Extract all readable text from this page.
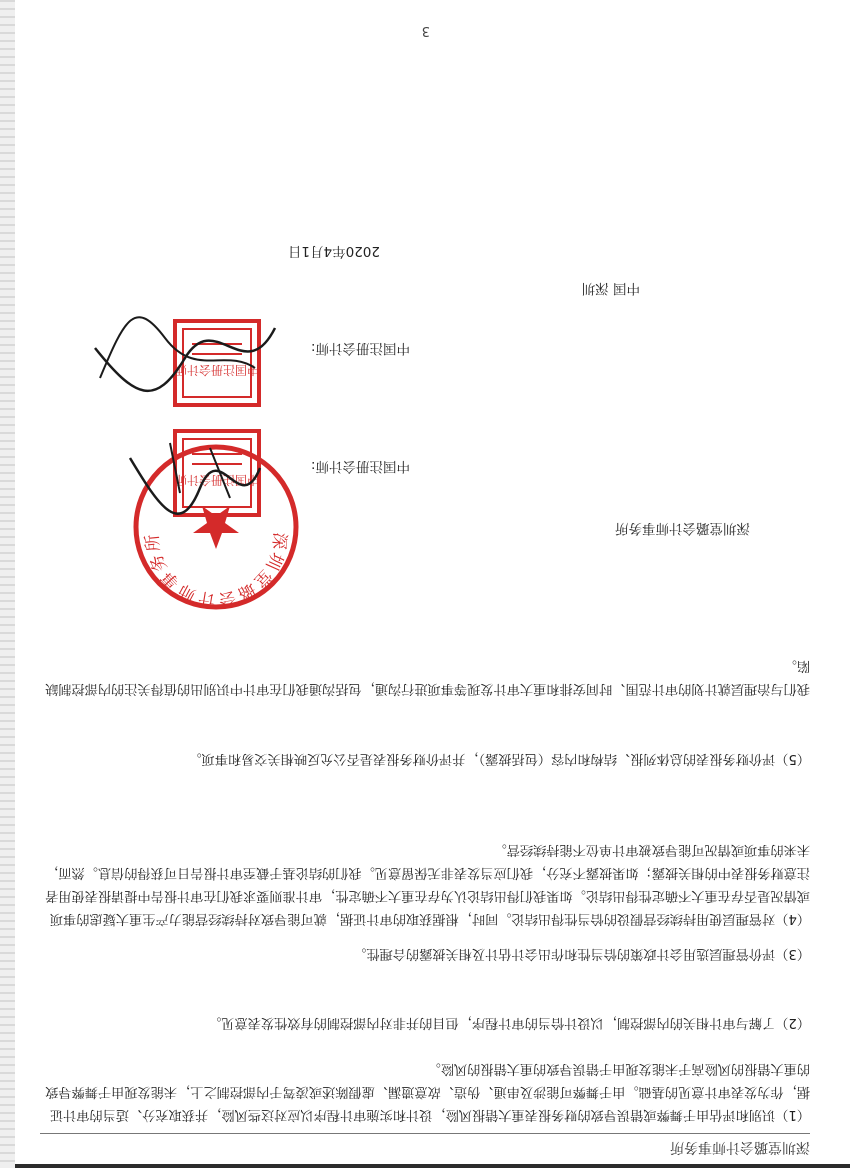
深圳堂璐会计师事务所

（1）识别和评估由于舞弊或错误导致的财务报表重大错报风险，设计和实施审计程序以应对这些风险，并获取充分、适当的审计证据，作为发表审计意见的基础。由于舞弊可能涉及串通、伪造、故意遗漏、虚假陈述或凌驾于内部控制之上，未能发现由于舞弊导致的重大错报的风险高于未能发现由于错误导致的重大错报的风险。

（2）了解与审计相关的内部控制，以设计恰当的审计程序，但目的并非对内部控制的有效性发表意见。

（3）评价管理层选用会计政策的恰当性和作出会计估计及相关披露的合理性。

（4）对管理层使用持续经营假设的恰当性得出结论。同时，根据获取的审计证据，就可能导致对持续经营能力产生重大疑虑的事项或情况是否存在重大不确定性得出结论。如果我们得出结论认为存在重大不确定性，审计准则要求我们在审计报告中提请报表使用者注意财务报表中的相关披露；如果披露不充分，我们应当发表非无保留意见。我们的结论基于截至审计报告日可获得的信息。然而，未来的事项或情况可能导致被审计单位不能持续经营。

（5）评价财务报表的总体列报、结构和内容（包括披露），并评价财务报表是否公允反映相关交易和事项。

我们与治理层就计划的审计范围、时间安排和重大审计发现等事项进行沟通，包括沟通我们在审计中识别出的值得关注的内部控制缺陷。

深圳堂璐会计师事务所
深圳堂璐会计师事务所
中国注册会计师
中国注册会计师:
中国注册会计师
中国注册会计师:
中国 深圳
2020年4月1日
3
